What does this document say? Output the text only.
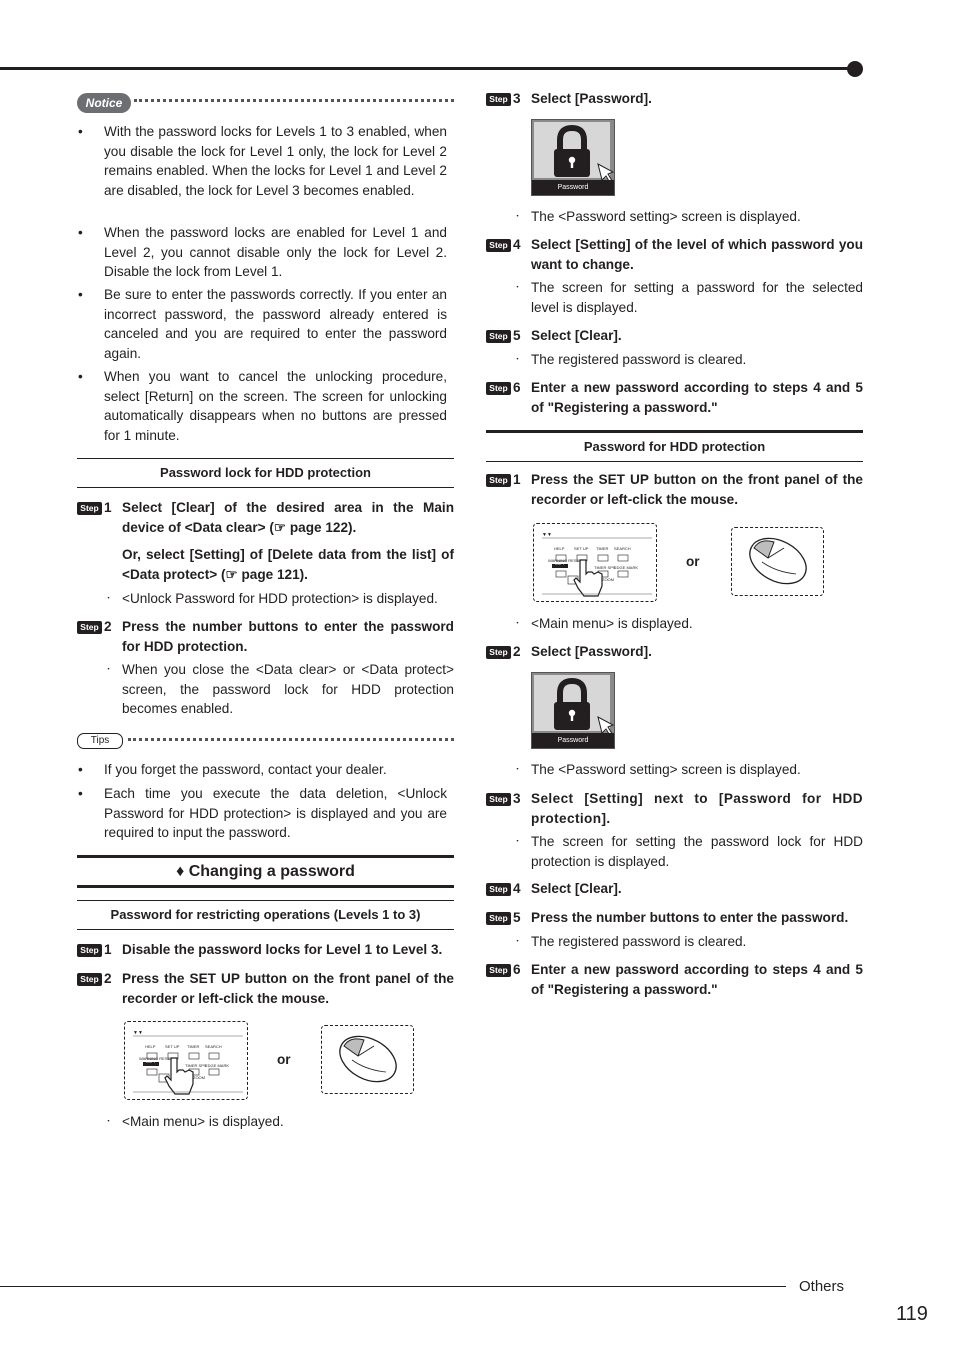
Notice
• With the password locks for Levels 1 to 3 enabled, when you disable the lock for Level 1 only, the lock for Level 2 remains enabled. When the locks for Level 1 and Level 2 are disabled, the lock for Level 3 becomes enabled.
• When the password locks are enabled for Level 1 and Level 2, you cannot disable only the lock for Level 2. Disable the lock from Level 1.
• Be sure to enter the passwords correctly. If you enter an incorrect password, the password already entered is canceled and you are required to enter the password again.
• When you want to cancel the unlocking procedure, select [Return] on the screen. The screen for unlocking automatically disappears when no buttons are pressed for 1 minute.
Password lock for HDD protection
Step 1 Select [Clear] of the desired area in the Main device of <Data clear> (☞ page 122).
Or, select [Setting] of [Delete data from the list] of <Data protect> (☞ page 121).
・ <Unlock Password for HDD protection> is displayed.
Step 2 Press the number buttons to enter the password for HDD protection.
・ When you close the <Data clear> or <Data protect> screen, the password lock for HDD protection becomes enabled.
Tips
• If you forget the password, contact your dealer.
• Each time you execute the data deletion, <Unlock Password for HDD protection> is displayed and you are required to input the password.
♦ Changing a password
Password for restricting operations (Levels 1 to 3)
Step 1 Disable the password locks for Level 1 to Level 3.
Step 2 Press the SET UP button on the front panel of the recorder or left-click the mouse.
▼▼
HELP SET UP TIMER SEARCH
WARNING RESET
COPY
TIMER SPS
EDGE MARK
ZOOM
or
・ <Main menu> is displayed.
Step 3 Select [Password].
Password
・ The <Password setting> screen is displayed.
Step 4 Select [Setting] of the level of which password you want to change.
・ The screen for setting a password for the selected level is displayed.
Step 5 Select [Clear].
・ The registered password is cleared.
Step 6 Enter a new password according to steps 4 and 5 of "Registering a password."
Password for HDD protection
Step 1 Press the SET UP button on the front panel of the recorder or left-click the mouse.
▼▼
HELP SET UP TIMER SEARCH
WARNING RESET
COPY
TIMER SPS
EDGE MARK
ZOOM
or
・ <Main menu> is displayed.
Step 2 Select [Password].
Password
・ The <Password setting> screen is displayed.
Step 3 Select [Setting] next to [Password for HDD protection].
・ The screen for setting the password lock for HDD protection is displayed.
Step 4 Select [Clear].
Step 5 Press the number buttons to enter the password.
・ The registered password is cleared.
Step 6 Enter a new password according to steps 4 and 5 of "Registering a password."
Others
119
